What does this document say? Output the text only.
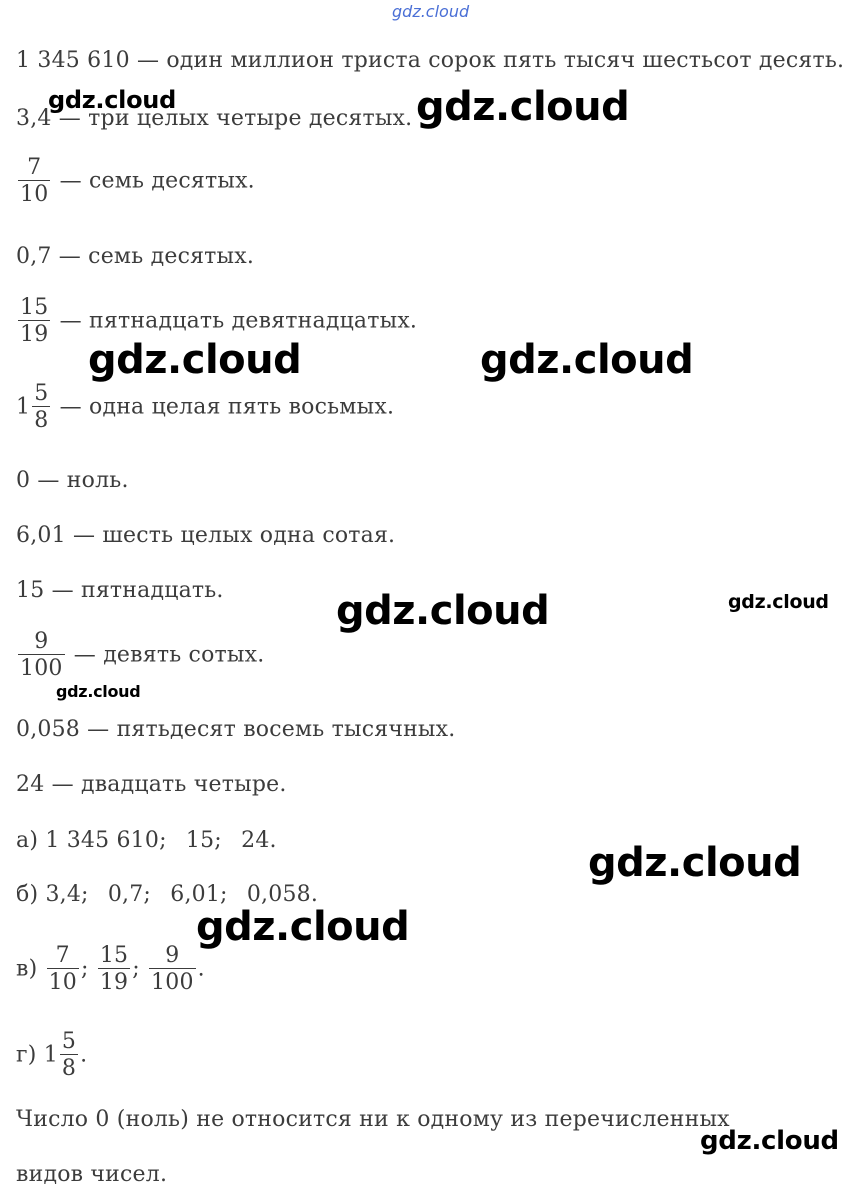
gdz.cloud
gdz.cloud	gdz.cloud
gdz.cloud	gdz.cloud
gdz.cloud	gdz.cloud
gdz.cloud
gdz.cloud
gdz.cloud
gdz.cloud
1 345 610 — один миллион триста сорок пять тысяч шестьсот десять.
3,4 — три целых четыре десятых.
$\frac{7}{10}$ — семь десятых.
0,7 — семь десятых.
$\frac{15}{19}$ — пятнадцать девятнадцатых.
$1 \frac{5}{8}$ — одна целая пять восьмых.
0 — ноль.
6,01 — шесть целых одна сотая.
15 — пятнадцать.
$\frac{9}{100}$ — девять сотых.
0,058 — пятьдесят восемь тысячных.
24 — двадцать четыре.
а) 1 345 610; 15; 24.
б) 3,4; 0,7; 6,01; 0,058.
$в) \frac{7}{10}$ ; $\frac{15}{19}$ ; $\frac{9}{100}$ .
г) $1 \frac{5}{8}$ .
Число 0 (ноль) не относится ни к одному из перечисленных
видов чисел.
